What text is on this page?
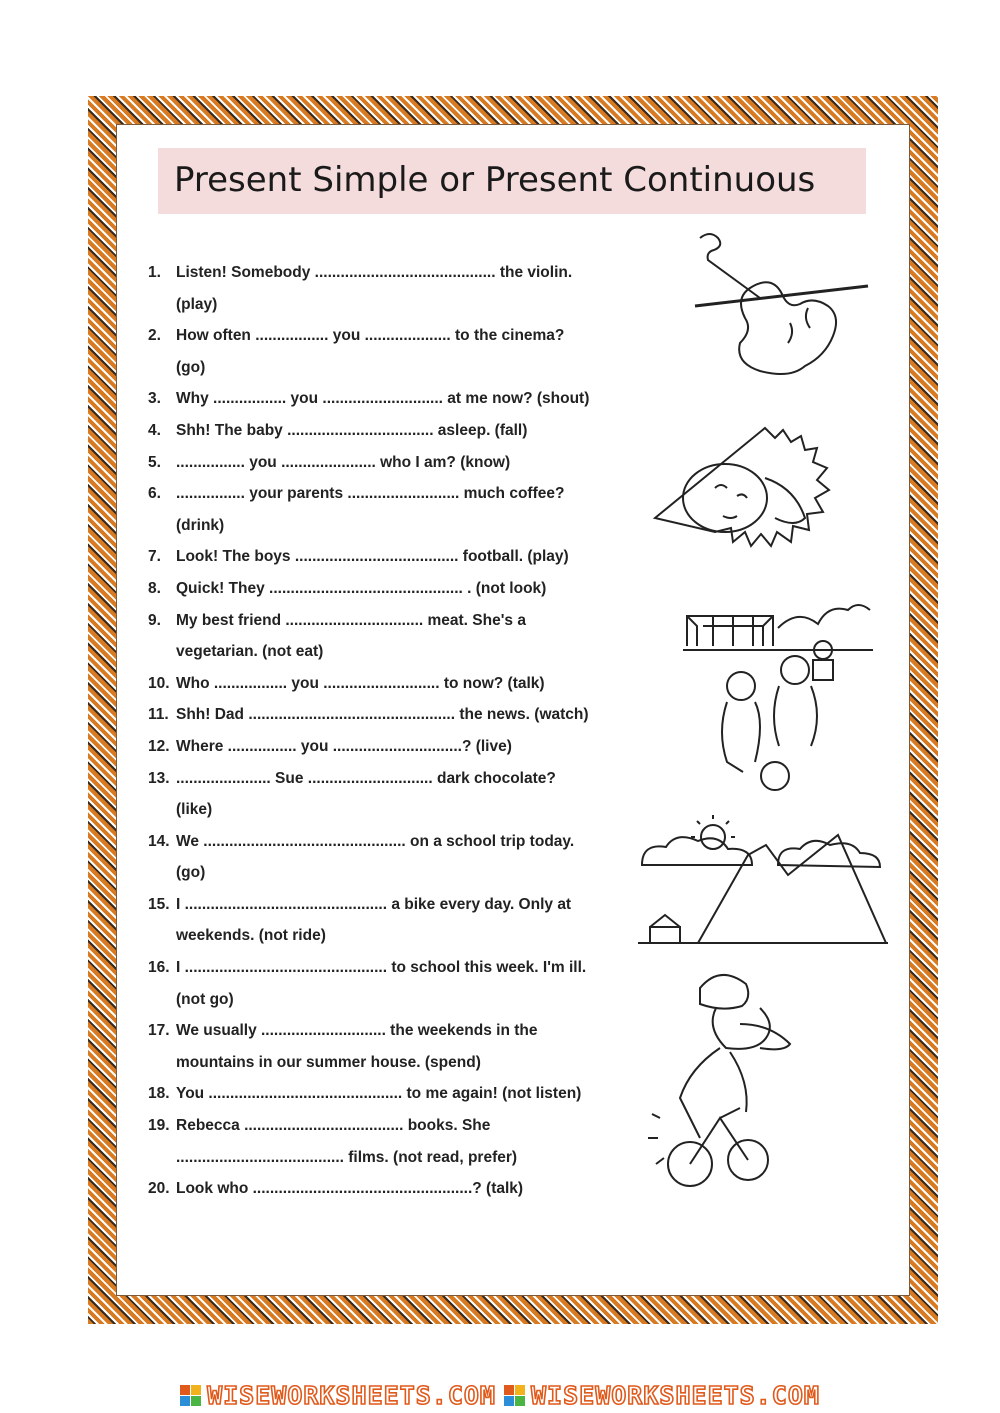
Present Simple or Present Continuous
1. Listen! Somebody .......................................... the violin.
(play)
2. How often ................. you .................... to the cinema?
(go)
3. Why ................. you ............................ at me now? (shout)
4. Shh! The baby .................................. asleep. (fall)
5. ................ you ...................... who I am? (know)
6. ................ your parents .......................... much coffee?
(drink)
7. Look! The boys ...................................... football. (play)
8. Quick! They ............................................. . (not look)
9. My best friend ................................ meat. She's a
vegetarian. (not eat)
10. Who ................. you ........................... to now? (talk)
11. Shh! Dad ................................................ the news. (watch)
12. Where ................ you ..............................? (live)
13. ...................... Sue ............................. dark chocolate?
(like)
14. We ............................................... on a school trip today.
(go)
15. I ............................................... a bike every day. Only at
weekends. (not ride)
16. I ............................................... to school this week. I'm ill.
(not go)
17. We usually ............................. the weekends in the
mountains in our summer house. (spend)
18. You ............................................. to me again! (not listen)
19. Rebecca ..................................... books. She
....................................... films. (not read, prefer)
20. Look who ...................................................? (talk)
WISEWORKSHEETS.COM WISEWORKSHEETS.COM
